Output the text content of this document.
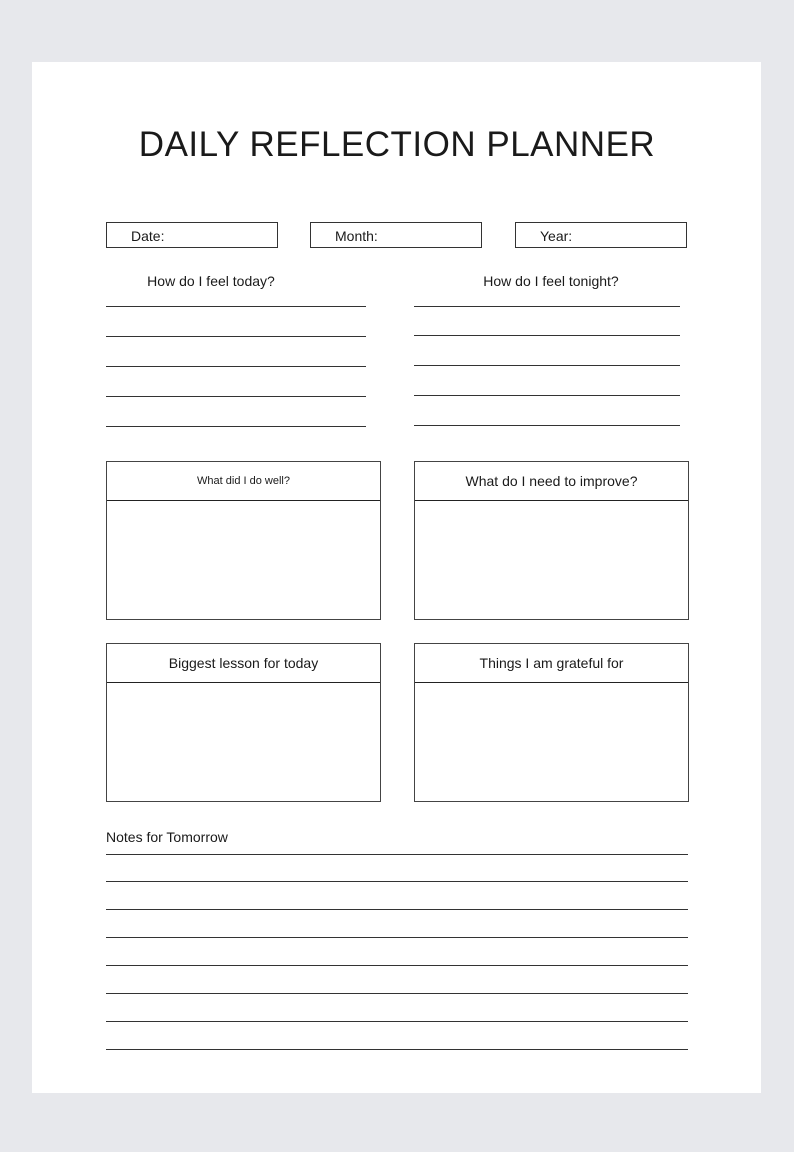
DAILY REFLECTION PLANNER
Date:	Month:	Year:
How do I feel today?	How do I feel tonight?
What did I do well?	What do I need to improve?
Biggest lesson for today	Things I am grateful for
Notes for Tomorrow
